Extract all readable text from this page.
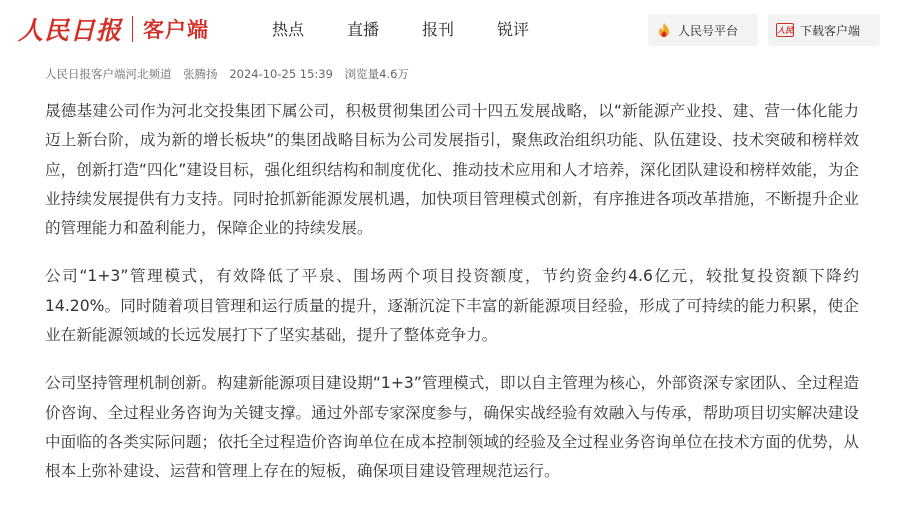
人民日报 客户端	热点	直播	报刊	锐评	人民号平台	人民 下载客户端
人民日报客户端河北频道 张腾扬 2024-10-25 15:39 浏览量4.6万

晟德基建公司作为河北交投集团下属公司，积极贯彻集团公司十四五发展战略，以“新能源产业投、建、营一体化能力迈上新台阶，成为新的增长板块”的集团战略目标为公司发展指引，聚焦政治组织功能、队伍建设、技术突破和榜样效应，创新打造“四化”建设目标，强化组织结构和制度优化、推动技术应用和人才培养，深化团队建设和榜样效能，为企业持续发展提供有力支持。同时抢抓新能源发展机遇，加快项目管理模式创新，有序推进各项改革措施，不断提升企业的管理能力和盈利能力，保障企业的持续发展。

公司“1+3”管理模式，有效降低了平泉、围场两个项目投资额度，节约资金约4.6亿元，较批复投资额下降约14.20%。同时随着项目管理和运行质量的提升，逐渐沉淀下丰富的新能源项目经验，形成了可持续的能力积累，使企业在新能源领域的长远发展打下了坚实基础，提升了整体竞争力。

公司坚持管理机制创新。构建新能源项目建设期“1+3”管理模式，即以自主管理为核心，外部资深专家团队、全过程造价咨询、全过程业务咨询为关键支撑。通过外部专家深度参与，确保实战经验有效融入与传承，帮助项目切实解决建设中面临的各类实际问题；依托全过程造价咨询单位在成本控制领域的经验及全过程业务咨询单位在技术方面的优势，从根本上弥补建设、运营和管理上存在的短板，确保项目建设管理规范运行。
